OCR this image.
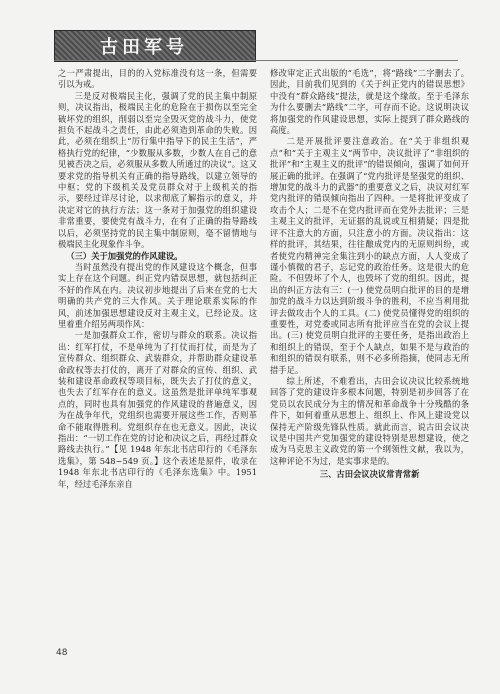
古田军号

之一严肃提出，目的的入党标准没有这一条，但需要引以为戒。

三是反对极端民主化，强调了党的民主集中制原则，决议指出，极端民主化的危险在于损伤以至完全破坏党的组织，削弱以至完全毁灭党的战斗力，使党担负不起战斗之责任，由此必须造到革命的失败。因此，必须在组织上“厉行集中指导下的民主生活”，严格执行党的纪律，“少数服从多数，少数人在自己的意见被否决之后，必须服从多数人所通过的决议”。这又要求党的指导机关有正确的指导路线，以建立领导的中枢；党的下级机关及党员群众对于上级机关的指示，要经过详尽讨论，以求彻底了解指示的意义，并决定对它的执行方法；这一条对于加强党的组织建设非常重要，要使党有战斗力，在有了正确的指导路线以后，必须坚持党的民主集中制原则，毫不留情地与极端民主化现象作斗争。

（三）关于加强党的作风建设。

当时虽然没有提出党的作风建设这个概念，但事实上存在这个问题。纠正党内错误思想，就包括纠正不好的作风在内。决议初步地提出了后来在党的七大明确的共产党的三大作风。关于理论联系实际的作风，前述加强思想建设反对主观主义，已经论及。这里着重介绍另两项作风：

一是加强群众工作，密切与群众的联系。决议指出：红军打仗，不是单纯为了打仗而打仗，而是为了宣传群众、组织群众、武装群众，并帮助群众建设革命政权等去打仗的，离开了对群众的宣传、组织、武装和建设革命政权等项目标，既失去了打仗的意义，也失去了红军存在的意义。这虽然是批评单纯军事观点的，同时也具有加强党的作风建设的普遍意义，因为在战争年代，党组织也需要开展这些工作，否则革命不能取得胜利。党组织存在也无意义。因此，决议指出：“一切工作在党的讨论和决议之后，再经过群众路线去执行。”【见 1948 年东北书店印行的《毛泽东选集》，第 548~549 页。】这个表述是原件，收录在 1948 年东北书店印行的《毛泽东选集》中。1951 年，经过毛泽东亲自

修改审定正式出版的“毛选”，将“路线”二字删去了。因此，目前我们见到的《关于纠正党内的错误思想》中没有“群众路线”提法，就是这个缘故。至于毛泽东为什么要删去“路线”二字，可存而不论。这说明决议将加强党的作风建设思想，实际上提到了群众路线的高度。

二是开展批评要注意政治。在“关于非组织观点”和“关于主观主义”两节中，决议批评了“非组织的批评”和“主观主义的批评”的错误倾向，强调了如何开展正确的批评。在强调了“党内批评是坚强党的组织、增加党的战斗力的武器”的重要意义之后，决议对红军党内批评的错误倾向指出了四种。一是将批评变成了攻击个人；二是不在党内批评而在党外去批评；三是主观主义的批评，无证据的乱说或互相猜疑；四是批评不注意大的方面，只注意小的方面。决议指出：这样的批评，其结果，往往酿成党内的无原则纠纷，或者使党内精神完全集注到小的缺点方面，人人变成了谨小慎微的君子，忘记党的政治任务。这是很大的危险。不但毁坏了个人，也毁坏了党的组织。因此，提出的纠正方法有三：(一) 使党员明白批评的目的是增加党的战斗力以达到阶级斗争的胜利，不应当利用批评去做攻击个人的工具。(二) 使党员懂得党的组织的重要性，对党委或同志所有批评应当在党的会议上提出。(三) 使党员明白批评的主要任务，是指出政治上和组织上的错误，至于个人缺点，如果不是与政治的和组织的错误有联系，则不必多所指摘，使同志无所措手足。

综上所述，不难看出，古田会议决议比较系统地回答了党的建设许多根本问题，特别是初步回答了在党员以农民成分为主的情况和革命战争十分残酷的条件下，如何着重从思想上、组织上、作风上建设党以保持无产阶级先锋队性质。就此而言，说古田会议决议是中国共产党加强党的建设特别是思想建设，使之成为马克思主义政党的第一个纲领性文献，我以为，这种评论不为过，是实事求是的。

三、古田会议决议常青常新

48
